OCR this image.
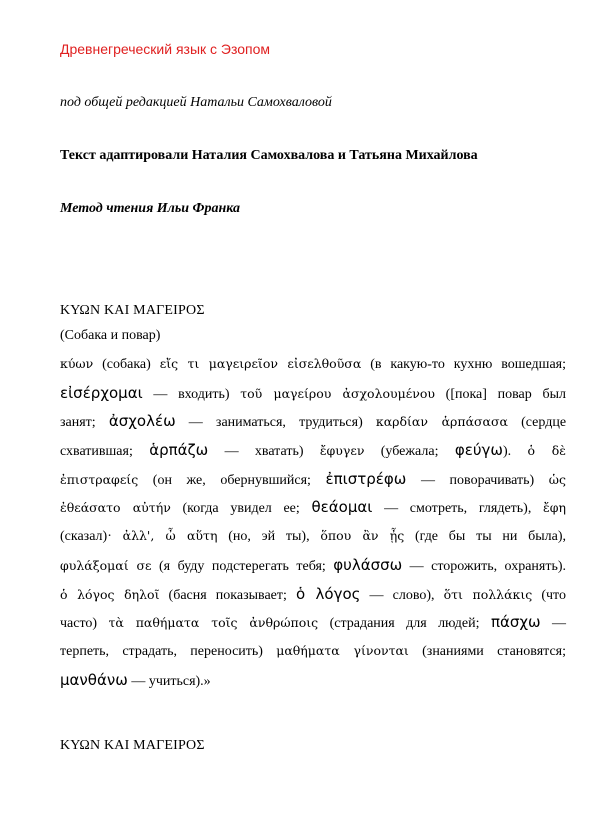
Древнегреческий язык с Эзопом
под общей редакцией Натальи Самохваловой
Текст адаптировали Наталия Самохвалова и Татьяна Михайлова
Метод чтения Ильи Франка
ΚΥΩΝ ΚΑΙ ΜΑΓΕΙΡΟΣ
(Собака и повар)
κύων (собака) εἴς τι μαγειρεῖον εἰσελθοῦσα (в какую-то кухню вошедшая;
εἰσέρχομαι — входить) τοῦ μαγείρου ἀσχολουμένου ([пока] повар был
занят; ἀσχολέω — заниматься, трудиться) καρδίαν ἁρπάσασα (сердце
схватившая; ἁρπάζω — хватать) ἔφυγεν (убежала; φεύγω). ὁ δὲ
ἐπιστραφείς (он же, обернувшийся; ἐπιστρέφω — поворачивать) ὡς
ἐθεάσατο αὐτήν (когда увидел ее; θεάομαι — смотреть, глядеть), ἔφη
(сказал)· ἀλλ', ὦ αὕτη (но, эй ты), ὅπου ἂν ᾖς (где бы ты ни была),
φυλάξομαί σε (я буду подстерегать тебя; φυλάσσω — сторожить, охранять).
ὁ λόγος δηλοῖ (басня показывает; ὁ λόγος — слово), ὅτι πολλάκις (что
часто) τὰ παθήματα τοῖς ἀνθρώποις (страдания для людей; πάσχω —
терпеть, страдать, переносить) μαθήματα γίνονται (знаниями становятся;
μανθάνω — учиться).»
ΚΥΩΝ ΚΑΙ ΜΑΓΕΙΡΟΣ
